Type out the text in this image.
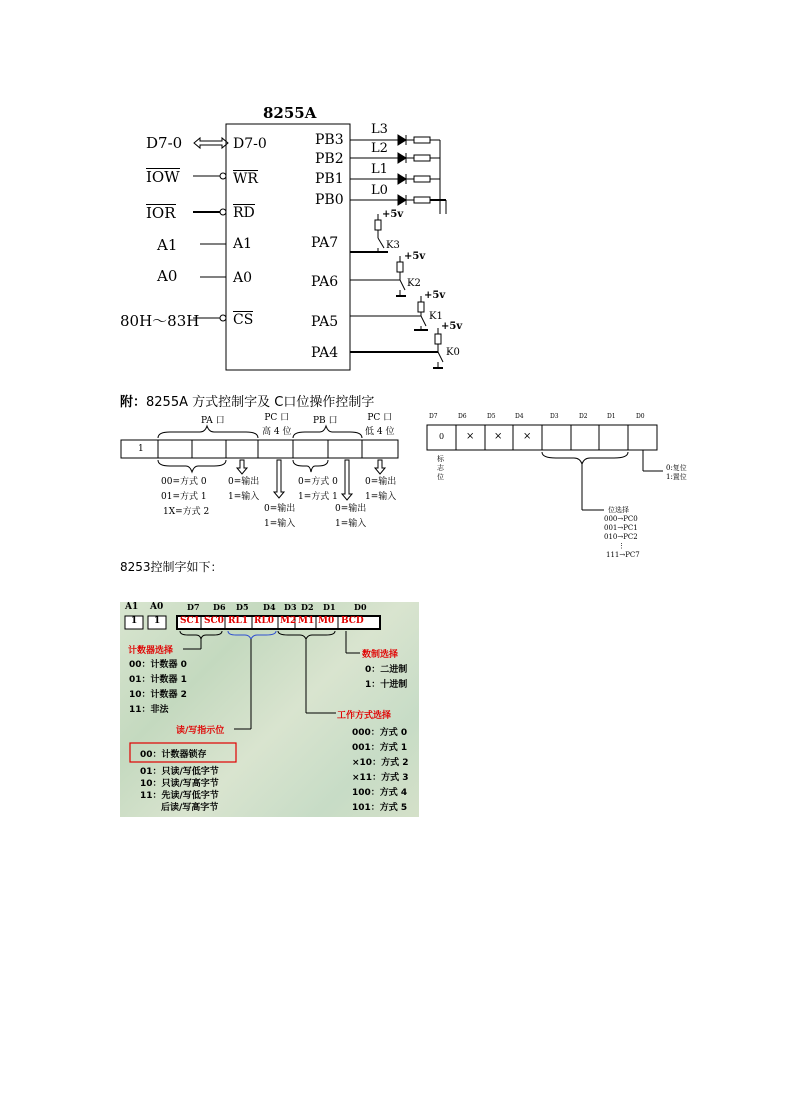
8255A
D7-0
IOW
IOR
A1
A0
80H～83H
D7-0
WR
RD
A1
A0
CS
PB3
PB2
PB1
PB0
L3
L2
L1
L0
PA7
PA6
PA5
PA4
+5v
+5v
+5v
+5v
K3
K2
K1
K0
附：8255A 方式控制字及 C口位操作控制字
1
PA 口	PC 口
高 4 位
PB 口	PC 口
低 4 位
00=方式 0
01=方式 1
1X=方式 2
0=输出
1=输入
0=输出
1=输入
0=方式 0
1=方式 1
0=输出
1=输入
0=输出
1=输入
D7	D6	D5	D4	D3	D2	D1	D0
0 × × ×
标
志
位
0:复位
1:置位
位选择
000→PC0
001→PC1
010→PC2
⋮
111→PC7
8253控制字如下：
A1 A0
1 1
D7 D6 D5 D4 D3 D2 D1 D0
SC1 SC0 RL1 RL0 M2 M1 M0 BCD
计数器选择
00：计数器 0
01：计数器 1
10：计数器 2
11：非法
数制选择
0：二进制
1：十进制
读/写指示位
00：计数器锁存
01：只读/写低字节
10：只读/写高字节
11：先读/写低字节
后读/写高字节
工作方式选择
000：方式 0
001：方式 1
×10：方式 2
×11：方式 3
100：方式 4
101：方式 5
